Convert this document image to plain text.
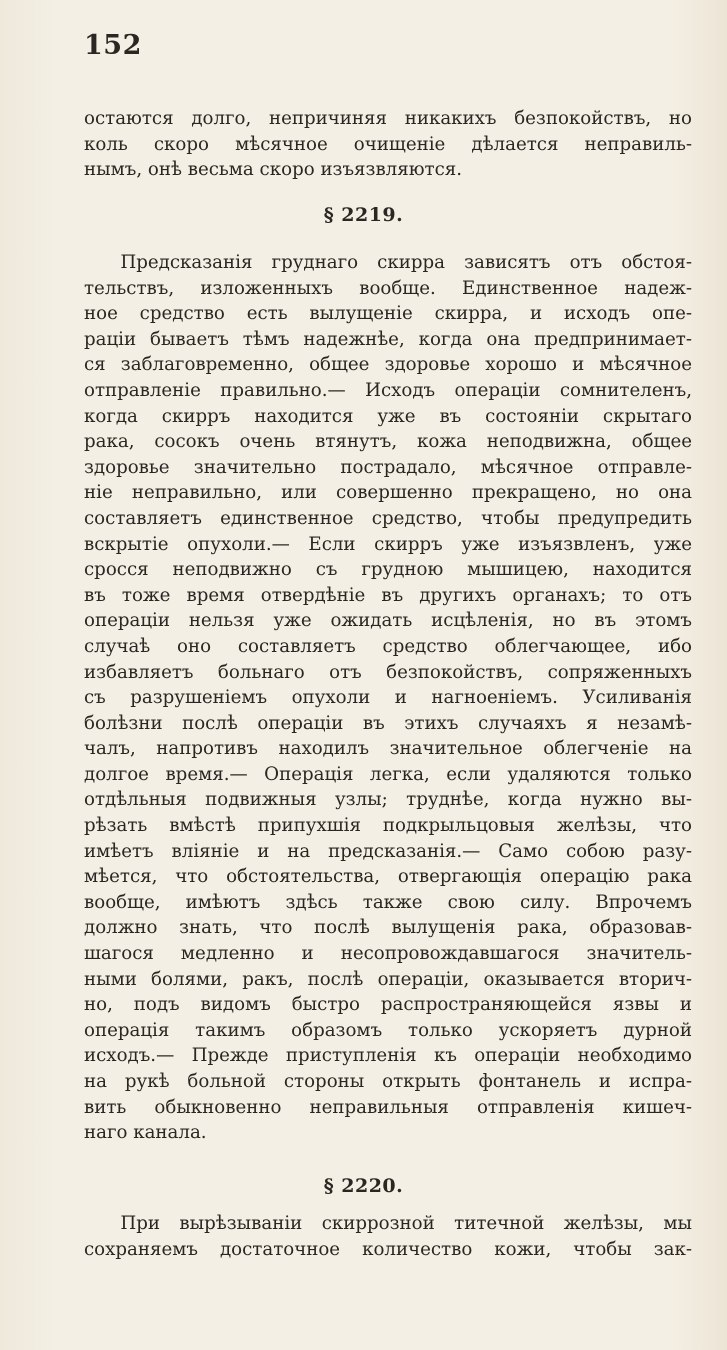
152
остаются долго, непричиняя никакихъ безпокойствъ, но
коль скоро мѣсячное очищеніе дѣлается неправиль-
нымъ, онѣ весьма скоро изъязвляются.
§ 2219.
Предсказанія груднаго скирра зависятъ отъ обстоя-
тельствъ, изложенныхъ вообще. Единственное надеж-
ное средство есть вылущеніе скирра, и исходъ опе-
раціи бываетъ тѣмъ надежнѣе, когда она предпринимает-
ся заблаговременно, общее здоровье хорошо и мѣсячное
отправленіе правильно.— Исходъ операціи сомнителенъ,
когда скирръ находится уже въ состояніи скрытаго
рака, сосокъ очень втянутъ, кожа неподвижна, общее
здоровье значительно пострадало, мѣсячное отправле-
ніе неправильно, или совершенно прекращено, но она
составляетъ единственное средство, чтобы предупредить
вскрытіе опухоли.— Если скирръ уже изъязвленъ, уже
сросся неподвижно съ грудною мышицею, находится
въ тоже время отвердѣніе въ другихъ органахъ; то отъ
операціи нельзя уже ожидать исцѣленія, но въ этомъ
случаѣ оно составляетъ средство облегчающее, ибо
избавляетъ больнаго отъ безпокойствъ, сопряженныхъ
съ разрушеніемъ опухоли и нагноеніемъ. Усиливанія
болѣзни послѣ операціи въ этихъ случаяхъ я незамѣ-
чалъ, напротивъ находилъ значительное облегченіе на
долгое время.— Операція легка, если удаляются только
отдѣльныя подвижныя узлы; труднѣе, когда нужно вы-
рѣзать вмѣстѣ припухшія подкрыльцовыя желѣзы, что
имѣетъ вліяніе и на предсказанія.— Само собою разу-
мѣется, что обстоятельства, отвергающія операцію рака
вообще, имѣютъ здѣсь также свою силу. Впрочемъ
должно знать, что послѣ вылущенія рака, образовав-
шагося медленно и несопровождавшагося значитель-
ными болями, ракъ, послѣ операціи, оказывается вторич-
но, подъ видомъ быстро распространяющейся язвы и
операція такимъ образомъ только ускоряетъ дурной
исходъ.— Прежде приступленія къ операціи необходимо
на рукѣ больной стороны открыть фонтанель и испра-
вить обыкновенно неправильныя отправленія кишеч-
наго канала.
§ 2220.
При вырѣзываніи скиррозной титечной желѣзы, мы
сохраняемъ достаточное количество кожи, чтобы зак-
